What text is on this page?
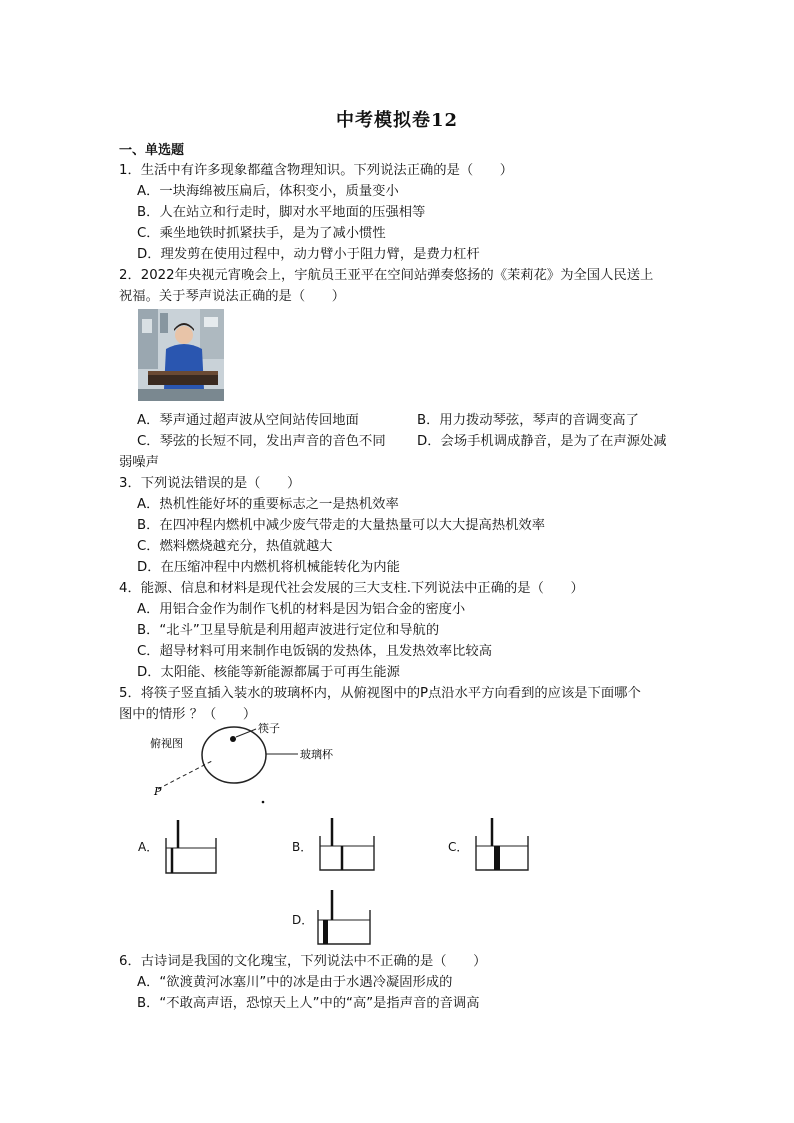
中考模拟卷12
一、单选题
1．生活中有许多现象都蕴含物理知识。下列说法正确的是（　　）
A．一块海绵被压扁后，体积变小，质量变小
B．人在站立和行走时，脚对水平地面的压强相等
C．乘坐地铁时抓紧扶手，是为了减小惯性
D．理发剪在使用过程中，动力臂小于阻力臂，是费力杠杆
2．2022年央视元宵晚会上，宇航员王亚平在空间站弹奏悠扬的《茉莉花》为全国人民送上
祝福。关于琴声说法正确的是（　　）
A．琴声通过超声波从空间站传回地面	B．用力拨动琴弦，琴声的音调变高了
C．琴弦的长短不同，发出声音的音色不同 D．会场手机调成静音，是为了在声源处减
弱噪声
3．下列说法错误的是（　　）
A．热机性能好坏的重要标志之一是热机效率
B．在四冲程内燃机中减少废气带走的大量热量可以大大提高热机效率
C．燃料燃烧越充分，热值就越大
D．在压缩冲程中内燃机将机械能转化为内能
4．能源、信息和材料是现代社会发展的三大支柱.下列说法中正确的是（　　）
A．用铝合金作为制作飞机的材料是因为铝合金的密度小
B．“北斗”卫星导航是利用超声波进行定位和导航的
C．超导材料可用来制作电饭锅的发热体，且发热效率比较高
D．太阳能、核能等新能源都属于可再生能源
5．将筷子竖直插入装水的玻璃杯内，从俯视图中的P点沿水平方向看到的应该是下面哪个
图中的情形 ？（　　）
俯视图
筷子
玻璃杯
P
A．	B．	C．
D．
6．古诗词是我国的文化瑰宝，下列说法中不正确的是（　　）
A．“欲渡黄河冰塞川”中的冰是由于水遇冷凝固形成的
B．“不敢高声语，恐惊天上人”中的“高”是指声音的音调高
